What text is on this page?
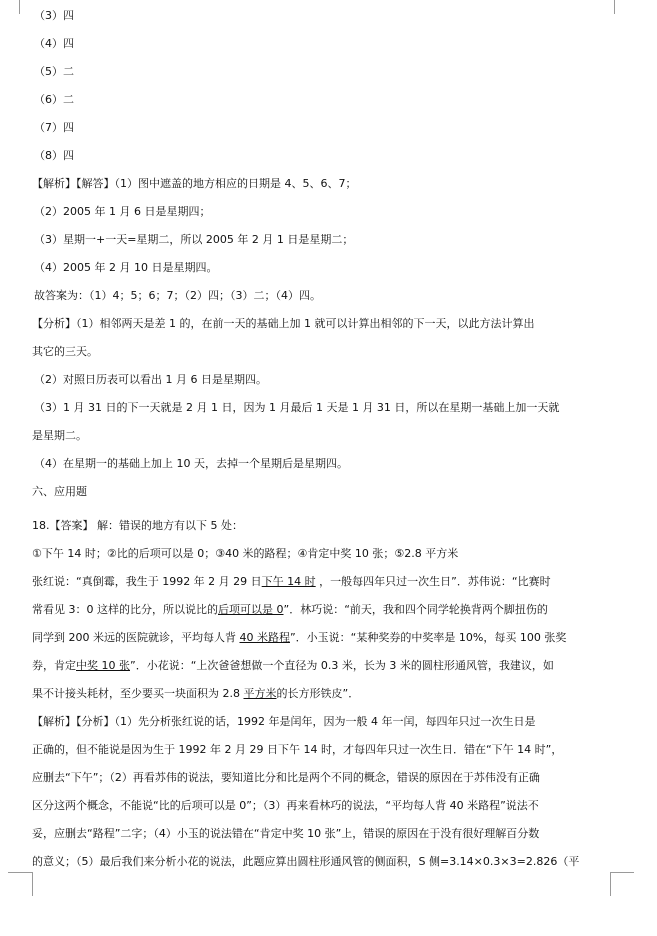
（3）四
（4）四
（5）二
（6）二
（7）四
（8）四
【解析】【解答】（1）图中遮盖的地方相应的日期是 4、5、6、7；
（2）2005 年 1 月 6 日是星期四；
（3）星期一+一天=星期二，所以 2005 年 2 月 1 日是星期二；
（4）2005 年 2 月 10 日是星期四。
故答案为：（1）4；5；6；7；（2）四；（3）二；（4）四。
【分析】（1）相邻两天是差 1 的，在前一天的基础上加 1 就可以计算出相邻的下一天，以此方法计算出
其它的三天。
（2）对照日历表可以看出 1 月 6 日是星期四。
（3）1 月 31 日的下一天就是 2 月 1 日，因为 1 月最后 1 天是 1 月 31 日，所以在星期一基础上加一天就
是星期二。
（4）在星期一的基础上加上 10 天，去掉一个星期后是星期四。
六、应用题
18.【答案】 解：错误的地方有以下 5 处：
①下午 14 时；②比的后项可以是 0；③40 米的路程；④肯定中奖 10 张；⑤2.8 平方米
张红说：“真倒霉，我生于 1992 年 2 月 29 日下午 14 时 ，一般每四年只过一次生日”．苏伟说：“比赛时
常看见 3：0 这样的比分，所以说比的后项可以是 0”．林巧说：“前天，我和四个同学轮换背两个脚扭伤的
同学到 200 米远的医院就诊，平均每人背 40 米路程”．小玉说：“某种奖券的中奖率是 10%，每买 100 张奖
券，肯定中奖 10 张”．小花说：“上次爸爸想做一个直径为 0.3 米，长为 3 米的圆柱形通风管，我建议，如
果不计接头耗材，至少要买一块面积为 2.8 平方米的长方形铁皮”．
【解析】【分析】（1）先分析张红说的话，1992 年是闰年，因为一般 4 年一闰，每四年只过一次生日是
正确的，但不能说是因为生于 1992 年 2 月 29 日下午 14 时，才每四年只过一次生日．错在“下午 14 时”，
应删去“下午”；（2）再看苏伟的说法，要知道比分和比是两个不同的概念，错误的原因在于苏伟没有正确
区分这两个概念，不能说“比的后项可以是 0”；（3）再来看林巧的说法，“平均每人背 40 米路程”说法不
妥，应删去“路程”二字；（4）小玉的说法错在“肯定中奖 10 张”上，错误的原因在于没有很好理解百分数
的意义；（5）最后我们来分析小花的说法，此题应算出圆柱形通风管的侧面积，S 侧=3.14×0.3×3=2.826（平
